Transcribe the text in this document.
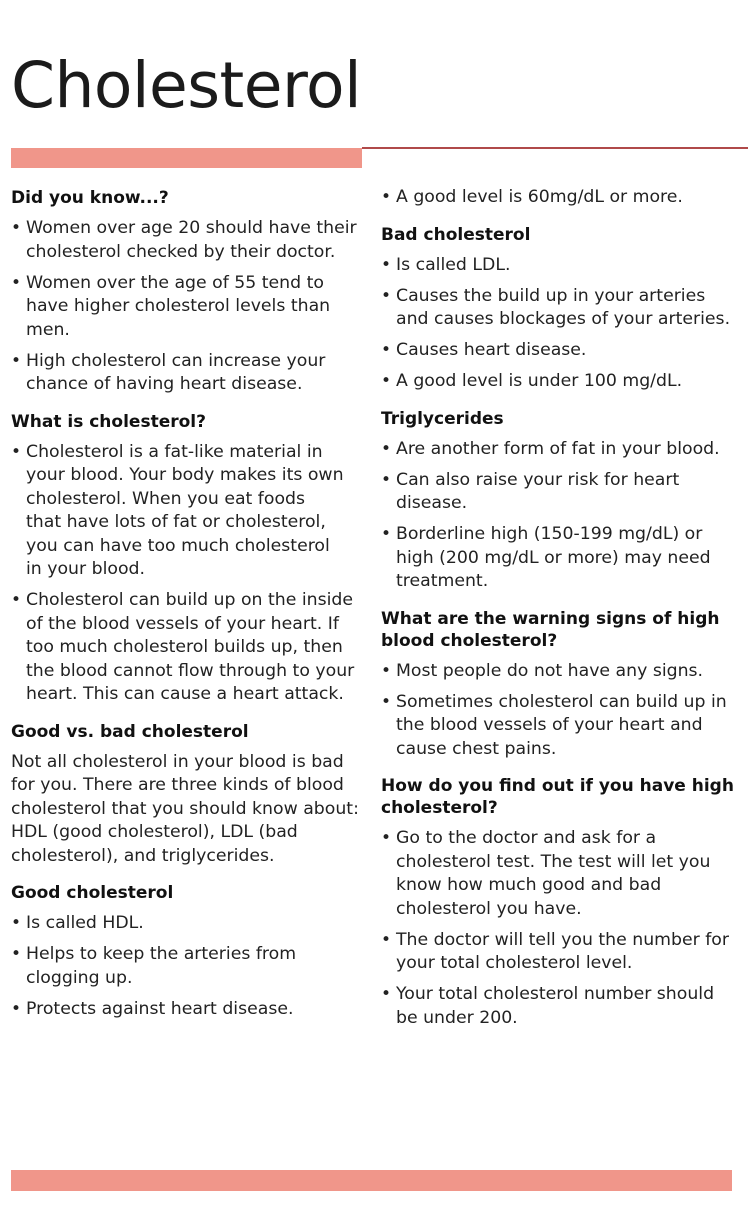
Cholesterol
Did you know...?
• Women over age 20 should have their cholesterol checked by their doctor.
• Women over the age of 55 tend to have higher cholesterol levels than men.
• High cholesterol can increase your chance of having heart disease.
What is cholesterol?
• Cholesterol is a fat-like material in your blood. Your body makes its own cholesterol. When you eat foods that have lots of fat or cholesterol, you can have too much cholesterol in your blood.
• Cholesterol can build up on the inside of the blood vessels of your heart. If too much cholesterol builds up, then the blood cannot flow through to your heart. This can cause a heart attack.
Good vs. bad cholesterol

Not all cholesterol in your blood is bad for you. There are three kinds of blood cholesterol that you should know about: HDL (good cholesterol), LDL (bad cholesterol), and triglycerides.

Good cholesterol
• Is called HDL.
• Helps to keep the arteries from clogging up.
• Protects against heart disease.
• A good level is 60mg/dL or more.
Bad cholesterol
• Is called LDL.
• Causes the build up in your arteries and causes blockages of your arteries.
• Causes heart disease.
• A good level is under 100 mg/dL.
Triglycerides
• Are another form of fat in your blood.
• Can also raise your risk for heart disease.
• Borderline high (150-199 mg/dL) or high (200 mg/dL or more) may need treatment.
What are the warning signs of high blood cholesterol?
• Most people do not have any signs.
• Sometimes cholesterol can build up in the blood vessels of your heart and cause chest pains.
How do you find out if you have high cholesterol?
• Go to the doctor and ask for a cholesterol test. The test will let you know how much good and bad cholesterol you have.
• The doctor will tell you the number for your total cholesterol level.
• Your total cholesterol number should be under 200.
